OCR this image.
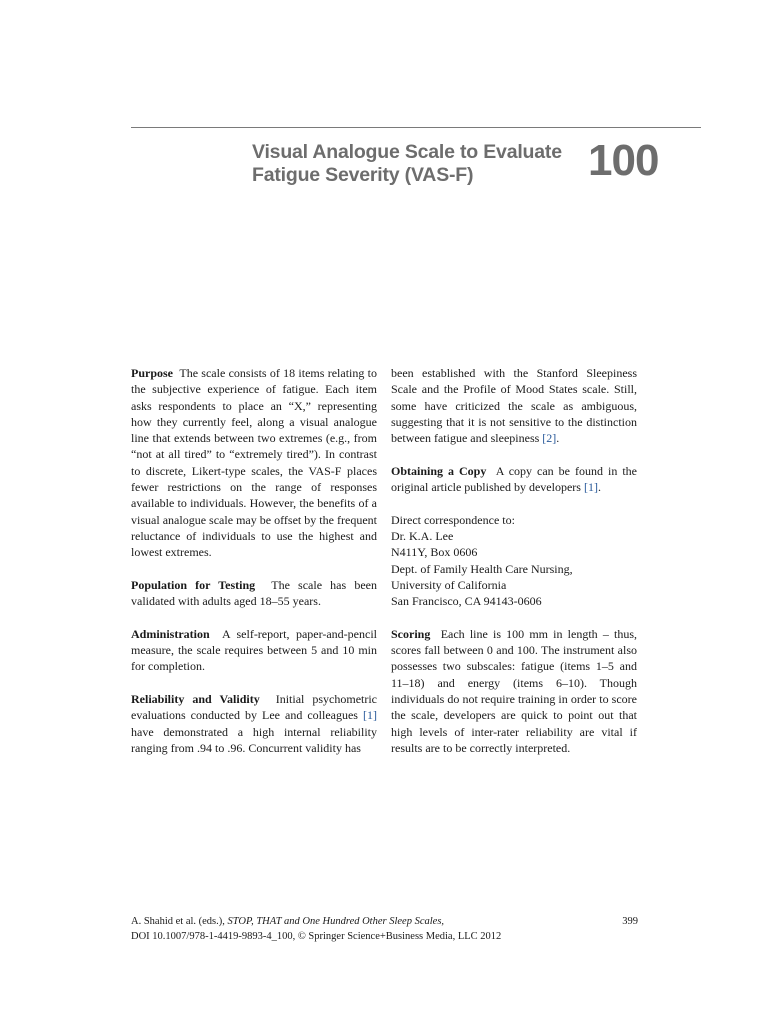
Visual Analogue Scale to Evaluate
Fatigue Severity (VAS-F)	100

Purpose The scale consists of 18 items relating to the subjective experience of fatigue. Each item asks respondents to place an “X,” representing how they currently feel, along a visual analogue line that extends between two extremes (e.g., from “not at all tired” to “extremely tired”). In contrast to discrete, Likert-type scales, the VAS-F places fewer restrictions on the range of responses available to individuals. However, the benefits of a visual analogue scale may be offset by the frequent reluctance of individuals to use the highest and lowest extremes.

Population for Testing The scale has been validated with adults aged 18–55 years.

Administration A self-report, paper-and-pencil measure, the scale requires between 5 and 10 min for completion.

Reliability and Validity Initial psychometric evaluations conducted by Lee and colleagues [1] have demonstrated a high internal reliability ranging from .94 to .96. Concurrent validity has

been established with the Stanford Sleepiness Scale and the Profile of Mood States scale. Still, some have criticized the scale as ambiguous, suggesting that it is not sensitive to the distinction between fatigue and sleepiness [2].

Obtaining a Copy A copy can be found in the original article published by developers [1].

Direct correspondence to:
Dr. K.A. Lee
N411Y, Box 0606
Dept. of Family Health Care Nursing,
University of California
San Francisco, CA 94143-0606

Scoring Each line is 100 mm in length – thus, scores fall between 0 and 100. The instrument also possesses two subscales: fatigue (items 1–5 and 11–18) and energy (items 6–10). Though individuals do not require training in order to score the scale, developers are quick to point out that high levels of inter-rater reliability are vital if results are to be correctly interpreted.

A. Shahid et al. (eds.), STOP, THAT and One Hundred Other Sleep Scales,
DOI 10.1007/978-1-4419-9893-4_100, © Springer Science+Business Media, LLC 2012
399
